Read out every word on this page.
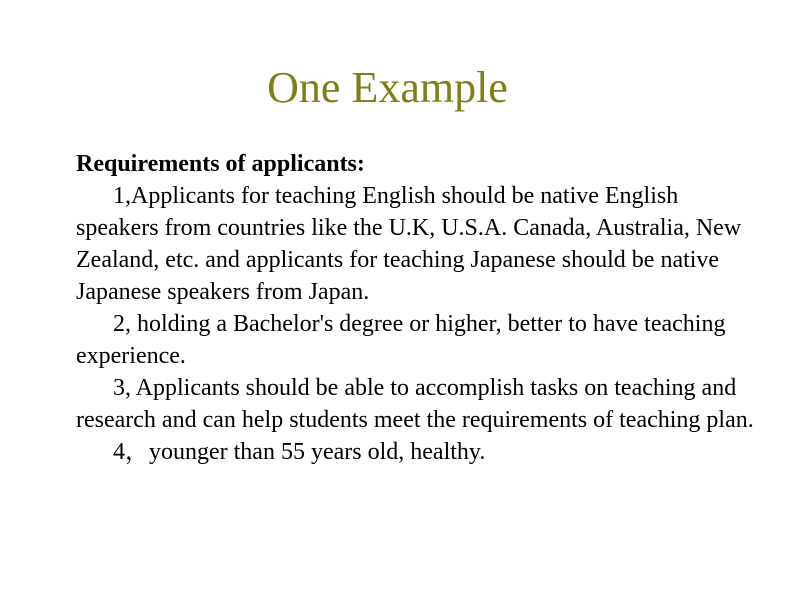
One Example

Requirements of applicants:

1,Applicants for teaching English should be native English speakers from countries like the U.K, U.S.A. Canada, Australia, New Zealand, etc. and applicants for teaching Japanese should be native Japanese speakers from Japan.

2, holding a Bachelor's degree or higher, better to have teaching experience.

3, Applicants should be able to accomplish tasks on teaching and research and can help students meet the requirements of teaching plan.

4，younger than 55 years old, healthy.
